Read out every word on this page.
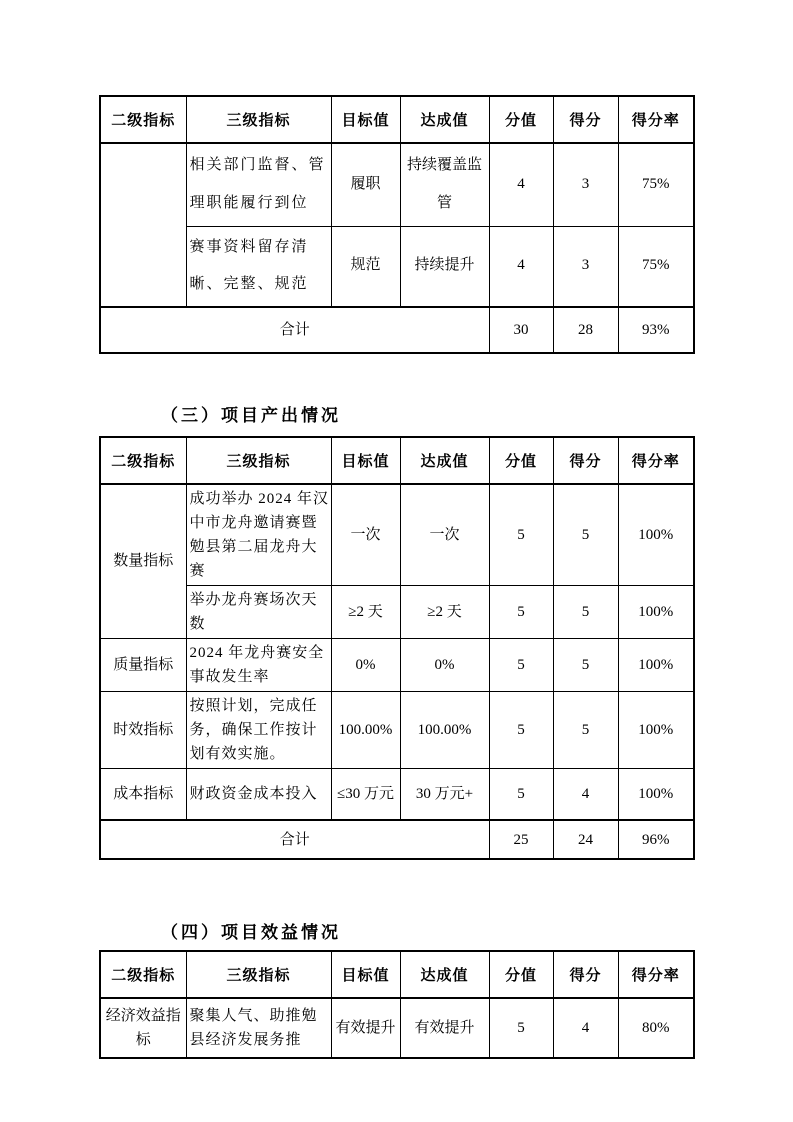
二级指标	三级指标	目标值	达成值	分值	得分	得分率
	相关部门监督、管理职能履行到位	履职	持续覆盖监管	4	3	75%
	赛事资料留存清晰、完整、规范	规范	持续提升	4	3	75%
合计				30	28	93%
（三）项目产出情况
二级指标	三级指标	目标值	达成值	分值	得分	得分率
数量指标	成功举办 2024 年汉中市龙舟邀请赛暨勉县第二届龙舟大赛	一次	一次	5	5	100%
	举办龙舟赛场次天数	≥2 天	≥2 天	5	5	100%
质量指标	2024 年龙舟赛安全事故发生率	0%	0%	5	5	100%
时效指标	按照计划，完成任务，确保工作按计划有效实施。	100.00%	100.00%	5	5	100%
成本指标	财政资金成本投入	≤30 万元	30 万元+	5	4	100%
合计				25	24	96%
（四）项目效益情况
二级指标	三级指标	目标值	达成值	分值	得分	得分率
经济效益指标	聚集人气、助推勉县经济发展务推	有效提升	有效提升	5	4	80%
